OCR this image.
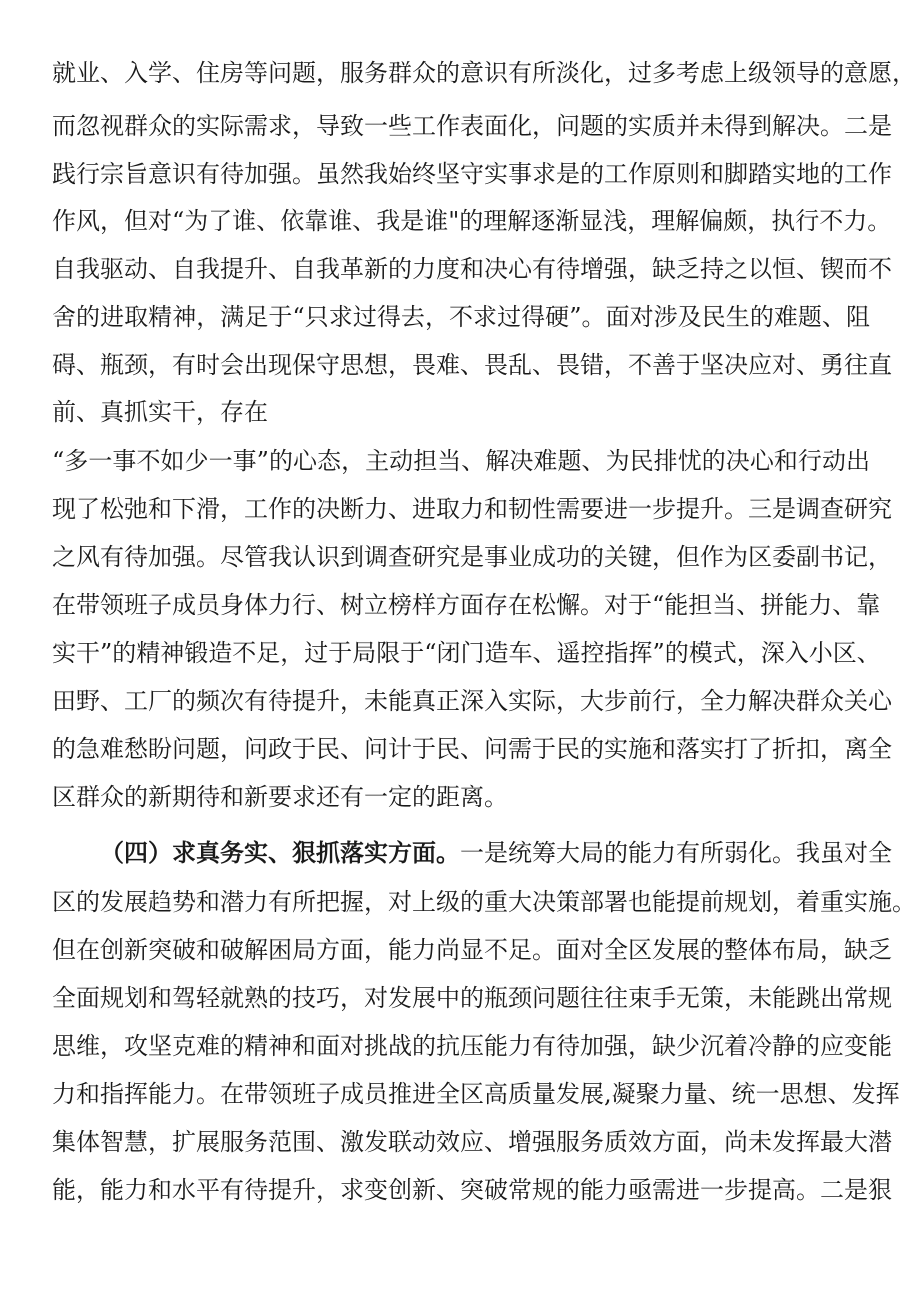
就业、入学、住房等问题，服务群众的意识有所淡化，过多考虑上级领导的意愿，
而忽视群众的实际需求，导致一些工作表面化，问题的实质并未得到解决。二是
践行宗旨意识有待加强。虽然我始终坚守实事求是的工作原则和脚踏实地的工作
作风，但对“为了谁、依靠谁、我是谁"的理解逐渐显浅，理解偏颇，执行不力。
自我驱动、自我提升、自我革新的力度和决心有待增强，缺乏持之以恒、锲而不
舍的进取精神，满足于“只求过得去，不求过得硬”。面对涉及民生的难题、阻
碍、瓶颈，有时会出现保守思想，畏难、畏乱、畏错，不善于坚决应对、勇往直
前、真抓实干，存在
“多一事不如少一事”的心态，主动担当、解决难题、为民排忧的决心和行动出
现了松弛和下滑，工作的决断力、进取力和韧性需要进一步提升。三是调查研究
之风有待加强。尽管我认识到调查研究是事业成功的关键，但作为区委副书记，
在带领班子成员身体力行、树立榜样方面存在松懈。对于“能担当、拼能力、靠
实干”的精神锻造不足，过于局限于“闭门造车、遥控指挥”的模式，深入小区、
田野、工厂的频次有待提升，未能真正深入实际，大步前行，全力解决群众关心
的急难愁盼问题，问政于民、问计于民、问需于民的实施和落实打了折扣，离全
区群众的新期待和新要求还有一定的距离。
（四）求真务实、狠抓落实方面。一是统筹大局的能力有所弱化。我虽对全
区的发展趋势和潜力有所把握，对上级的重大决策部署也能提前规划，着重实施。
但在创新突破和破解困局方面，能力尚显不足。面对全区发展的整体布局，缺乏
全面规划和驾轻就熟的技巧，对发展中的瓶颈问题往往束手无策，未能跳出常规
思维，攻坚克难的精神和面对挑战的抗压能力有待加强，缺少沉着冷静的应变能
力和指挥能力。在带领班子成员推进全区高质量发展,凝聚力量、统一思想、发挥
集体智慧，扩展服务范围、激发联动效应、增强服务质效方面，尚未发挥最大潜
能，能力和水平有待提升，求变创新、突破常规的能力亟需进一步提高。二是狠
